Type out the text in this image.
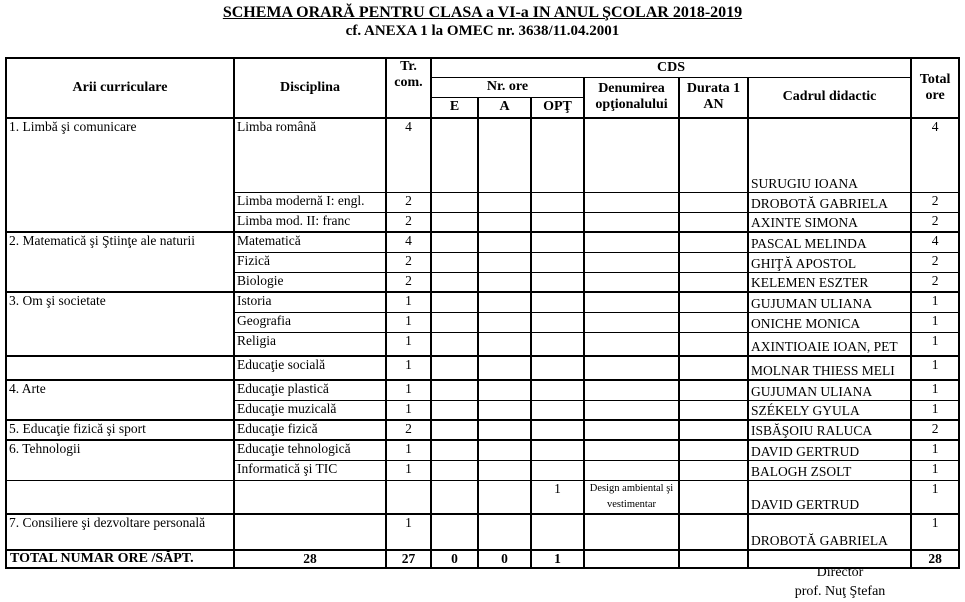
SCHEMA ORARĂ PENTRU CLASA a VI-a IN ANUL ŞCOLAR 2018-2019
cf. ANEXA 1 la OMEC nr. 3638/11.04.2001
Arii curriculare	Disciplina	Tr. com.	CDS						Total ore
			Nr. ore			Denumirea opţionalului	Durata 1 AN	Cadrul didactic	
			E	A	OPŢ				
1. Limbă şi comunicare	Limba română	4						SURUGIU IOANA	4
	Limba modernă I: engl.	2						DROBOTĂ GABRIELA	2
	Limba mod. II: franc	2						AXINTE SIMONA	2
2. Matematică şi Ştiinţe ale naturii	Matematică	4						PASCAL MELINDA	4
	Fizică	2						GHIŢĂ APOSTOL	2
	Biologie	2						KELEMEN ESZTER	2
3. Om şi societate	Istoria	1						GUJUMAN ULIANA	1
	Geografia	1						ONICHE MONICA	1
	Religia	1						AXINTIOAIE IOAN, PET	1
	Educaţie socială	1						MOLNAR THIESS MELI	1
4. Arte	Educaţie plastică	1						GUJUMAN ULIANA	1
	Educaţie muzicală	1						SZÉKELY GYULA	1
5. Educaţie fizică şi sport	Educaţie fizică	2						ISBĂŞOIU RALUCA	2
6. Tehnologii	Educaţie tehnologică	1						DAVID GERTRUD	1
	Informatică şi TIC	1						BALOGH ZSOLT	1
					1	Design ambiental şi vestimentar		DAVID GERTRUD	1
7. Consiliere şi dezvoltare personală		1						DROBOTĂ GABRIELA	1
TOTAL NUMAR ORE /SĂPT.	28	27	0	0	1				28
Director
prof. Nuţ Ştefan
